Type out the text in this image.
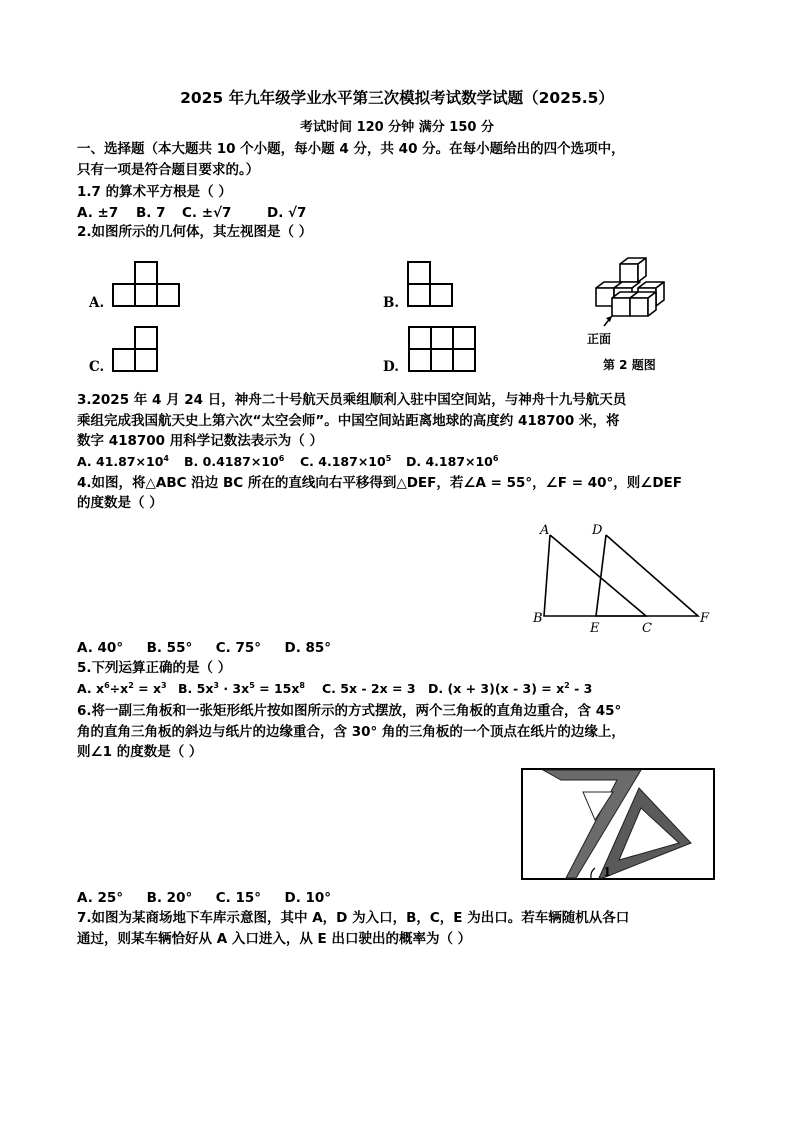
2025 年九年级学业水平第三次模拟考试数学试题（2025.5）
考试时间 120 分钟 满分 150 分
一、选择题（本大题共 10 个小题，每小题 4 分，共 40 分。在每小题给出的四个选项中，
只有一项是符合题目要求的。）
1.7 的算术平方根是（ ）
A. ±7 B. 7 C. ±√7	D. √7
2.如图所示的几何体，其左视图是（ ）
A.	B.
C.	D.
正面
第 2 题图
3.2025 年 4 月 24 日，神舟二十号航天员乘组顺利入驻中国空间站，与神舟十九号航天员
乘组完成我国航天史上第六次“太空会师”。中国空间站距离地球的高度约 418700 米，将
数字 418700 用科学记数法表示为（ ）
A. $41.87\times 10^4$ B. $0.4187\times 10^6$ C. $4.187\times 10^5$ D. $4.187\times 10^6$
4.如图，将△ABC 沿边 BC 所在的直线向右平移得到△DEF，若∠A = 55°，∠F = 40°，则∠DEF
的度数是（ ）
A
B
C
D
E
F
A. 40°     B. 55°     C. 75°     D. 85°
5.下列运算正确的是（ ）
A. $x^6\div x^2 = x^3$ B. $5x^3 \cdot 3x^5 = 15x^8$ C. 5x - 2x = 3 D. $(x + 3)(x - 3) = x^2 - 3$
6.将一副三角板和一张矩形纸片按如图所示的方式摆放，两个三角板的直角边重合，含 45°
角的直角三角板的斜边与纸片的边缘重合，含 30° 角的三角板的一个顶点在纸片的边缘上，
则∠1 的度数是（ ）
1
A. 25°     B. 20°     C. 15°     D. 10°
7.如图为某商场地下车库示意图，其中 A，D 为入口，B，C，E 为出口。若车辆随机从各口
通过，则某车辆恰好从 A 入口进入，从 E 出口驶出的概率为（ ）
